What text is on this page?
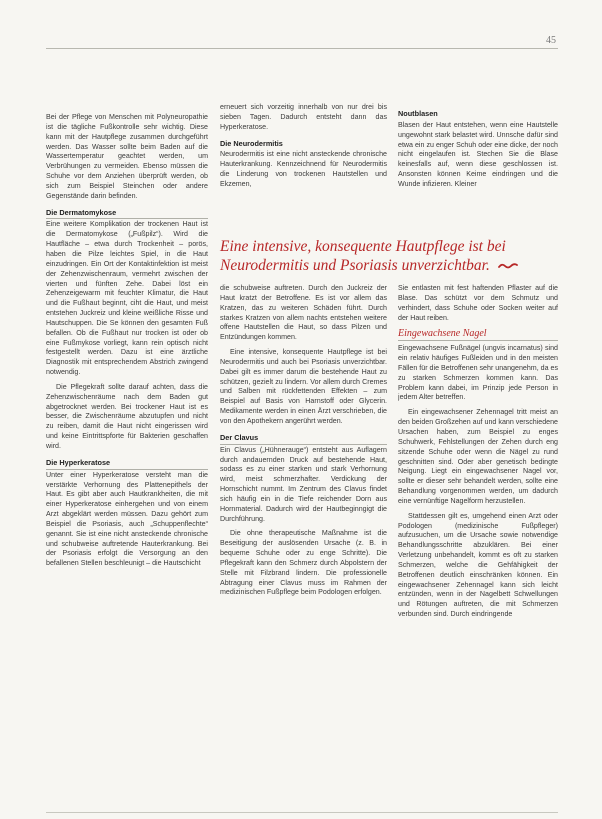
45

Bei der Pflege von Menschen mit Polyneuropathie ist die tägliche Fußkontrolle sehr wichtig. Diese kann mit der Hautpflege zusammen durchgeführt werden. Das Wasser sollte beim Baden auf die Wassertemperatur geachtet werden, um Verbrühungen zu vermeiden. Ebenso müssen die Schuhe vor dem Anziehen überprüft werden, ob sich zum Beispiel Steinchen oder andere Gegenstände darin befinden.

Die Dermatomykose

Eine weitere Komplikation der trockenen Haut ist die Dermatomykose („Fußpilz“). Wird die Hautfläche – etwa durch Trockenheit – porös, haben die Pilze leichtes Spiel, in die Haut einzudringen. Ein Ort der Kontaktinfektion ist meist der Zehenzwischenraum, vermehrt zwischen der vierten und fünften Zehe. Dabei löst ein Zehenzeigewarm mit feuchter Klimatur, die Haut und die Fußhaut beginnt, ciht die Haut, und meist entstehen Juckreiz und kleine weißliche Risse und Hautschuppen. Die Se können den gesamten Fuß befallen. Ob die Fußhaut nur trocken ist oder ob eine Fußmykose vorliegt, kann rein optisch nicht festgestellt werden. Dazu ist eine ärztliche Diagnostik mit entsprechendem Abstrich zwingend notwendig.

Die Pflegekraft sollte darauf achten, dass die Zehenzwischenräume nach dem Baden gut abgetrocknet werden. Bei trockener Haut ist es besser, die Zwischenräume abzutupfen und nicht zu reiben, damit die Haut nicht eingerissen wird und keine Eintrittspforte für Bakterien geschaffen wird.

Die Hyperkeratose

Unter einer Hyperkeratose versteht man die verstärkte Verhornung des Plattenepithels der Haut. Es gibt aber auch Hautkrankheiten, die mit einer Hyperkeratose einhergehen und von einem Arzt abgeklärt werden müssen. Dazu gehört zum Beispiel die Psoriasis, auch „Schuppenflechte“ genannt. Sie ist eine nicht ansteckende chronische und schubweise auftretende Hauterkrankung. Bei der Psoriasis erfolgt die Versorgung an den befallenen Stellen beschleunigt – die Hautschicht

erneuert sich vorzeitig innerhalb von nur drei bis sieben Tagen. Dadurch entsteht dann das Hyperkeratose.

Die Neurodermitis

Neurodermitis ist eine nicht ansteckende chronische Hauterkrankung. Kennzeichnend für Neurodermitis die Linderung von trockenen Hautstellen und Ekzemen,

Noutblasen

Blasen der Haut entstehen, wenn eine Hautstelle ungewohnt stark belastet wird. Unnsche dafür sind etwa ein zu enger Schuh oder eine dicke, der noch nicht eingelaufen ist. Stechen Sie die Blase keinesfalls auf, wenn diese geschlossen ist. Ansonsten können Keime eindringen und die Wunde infizieren. Kleiner

Eine intensive, konsequente Hautpflege ist bei Neurodermitis und Psoriasis unverzichtbar.

die schubweise auftreten. Durch den Juckreiz der Haut kratzt der Betroffene. Es ist vor allem das Kratzen, das zu weiteren Schäden führt. Durch starkes Kratzen von allem nachts entstehen weitere offene Hautstellen die Haut, so dass Pilzen und Entzündungen kommen.

Eine intensive, konsequente Hautpflege ist bei Neurodermitis und auch bei Psoriasis unverzichtbar. Dabei gilt es immer darum die bestehende Haut zu schützen, gezielt zu lindern. Vor allem durch Cremes und Salben mit rückfettenden Effekten – zum Beispiel auf Basis von Harnstoff oder Glycerin. Medikamente werden in einen Ärzt verschrieben, die von den Apothekern angerührt werden.

Der Clavus

Ein Clavus („Hühnerauge“) entsteht aus Auflagern durch andauernden Druck auf bestehende Haut, sodass es zu einer starken und stark Verhornung wird, meist schmerzhafter. Verdickung der Hornschicht nummt. Im Zentrum des Clavus findet sich häufig ein in die Tiefe reichender Dorn aus Hornmaterial. Dadurch wird der Hautbeginngigt die Durchführung.

Die ohne therapeutische Maßnahme ist die Beseitigung der auslösenden Ursache (z. B. in bequeme Schuhe oder zu enge Schritte). Die Pflegekraft kann den Schmerz durch Abpolstern der Stelle mit Filzbrand lindern. Die professionelle Abtragung einer Clavus muss im Rahmen der medizinischen Fußpflege beim Podologen erfolgen.

Sie entlasten mit fest haftenden Pflaster auf die Blase. Das schützt vor dem Schmutz und verhindert, dass Schuhe oder Socken weiter auf der Haut reiben.

Eingewachsene Nagel

Eingewachsene Fußnägel (ungvis incarnatus) sind ein relativ häufiges Fußleiden und in den meisten Fällen für die Betroffenen sehr unangenehm, da es zu starken Schmerzen kommen kann. Das Problem kann dabei, im Prinzip jede Person in jedem Alter betreffen.

Ein eingewachsener Zehennagel tritt meist an den beiden Großzehen auf und kann verschiedene Ursachen haben, zum Beispiel zu enges Schuhwerk, Fehlstellungen der Zehen durch eng sitzende Schuhe oder wenn die Nägel zu rund geschnitten sind. Oder aber genetisch bedingte Neigung. Liegt ein eingewachsener Nagel vor, sollte er dieser sehr behandelt werden, sollte eine Behandlung vorgenommen werden, um dadurch eine vernünftige Nagelform herzustellen.

Stattdessen gilt es, umgehend einen Arzt oder Podologen (medizinische Fußpfleger) aufzusuchen, um die Ursache sowie notwendige Behandlungsschritte abzuklären. Bei einer Verletzung unbehandelt, kommt es oft zu starken Schmerzen, welche die Gehfähigkeit der Betroffenen deutlich einschränken können. Ein eingewachsener Zehennagel kann sich leicht entzünden, wenn in der Nagelbett Schwellungen und Rötungen auftreten, die mit Schmerzen verbunden sind. Durch eindringende
